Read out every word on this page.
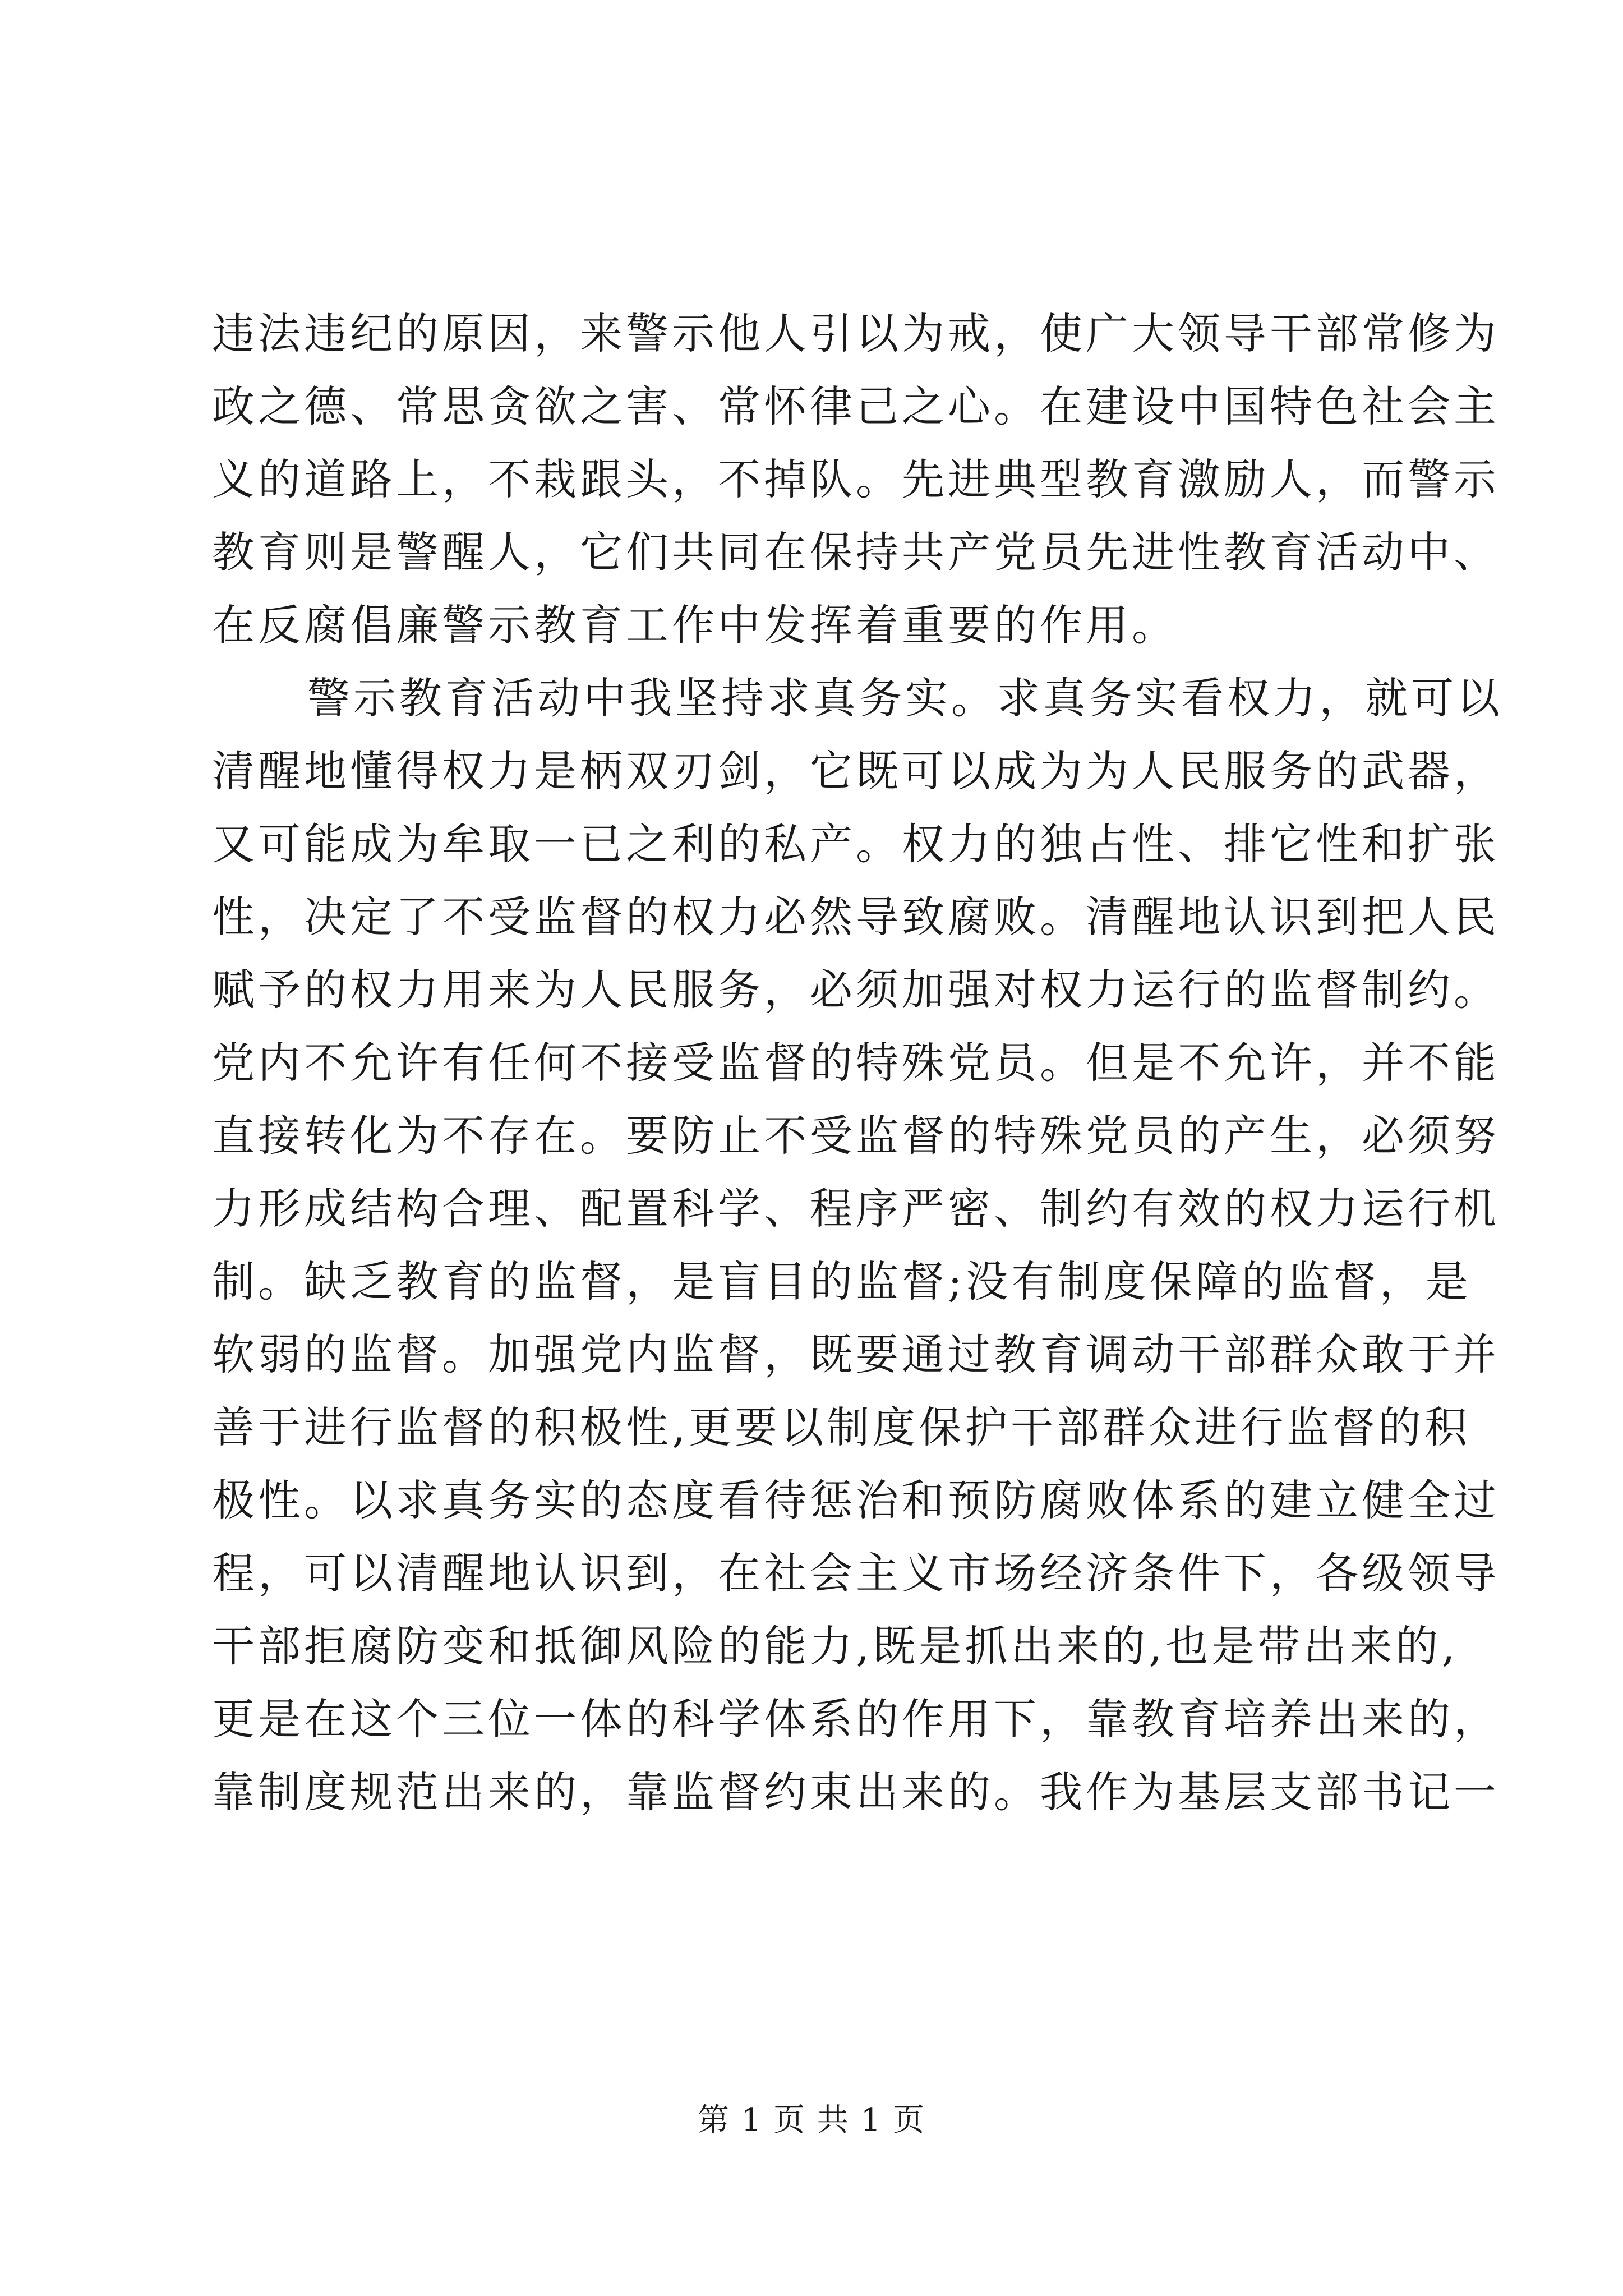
违法违纪的原因，来警示他人引以为戒，使广大领导干部常修为
政之德、常思贪欲之害、常怀律己之心。在建设中国特色社会主
义的道路上，不栽跟头，不掉队。先进典型教育激励人，而警示
教育则是警醒人，它们共同在保持共产党员先进性教育活动中、
在反腐倡廉警示教育工作中发挥着重要的作用。
警示教育活动中我坚持求真务实。求真务实看权力，就可以
清醒地懂得权力是柄双刃剑，它既可以成为为人民服务的武器，
又可能成为牟取一已之利的私产。权力的独占性、排它性和扩张
性，决定了不受监督的权力必然导致腐败。清醒地认识到把人民
赋予的权力用来为人民服务，必须加强对权力运行的监督制约。
党内不允许有任何不接受监督的特殊党员。但是不允许，并不能
直接转化为不存在。要防止不受监督的特殊党员的产生，必须努
力形成结构合理、配置科学、程序严密、制约有效的权力运行机
制。缺乏教育的监督，是盲目的监督;没有制度保障的监督，是
软弱的监督。加强党内监督，既要通过教育调动干部群众敢于并
善于进行监督的积极性,更要以制度保护干部群众进行监督的积
极性。以求真务实的态度看待惩治和预防腐败体系的建立健全过
程，可以清醒地认识到，在社会主义市场经济条件下，各级领导
干部拒腐防变和抵御风险的能力,既是抓出来的,也是带出来的,
更是在这个三位一体的科学体系的作用下，靠教育培养出来的，
靠制度规范出来的，靠监督约束出来的。我作为基层支部书记一
第 1 页 共 1 页
